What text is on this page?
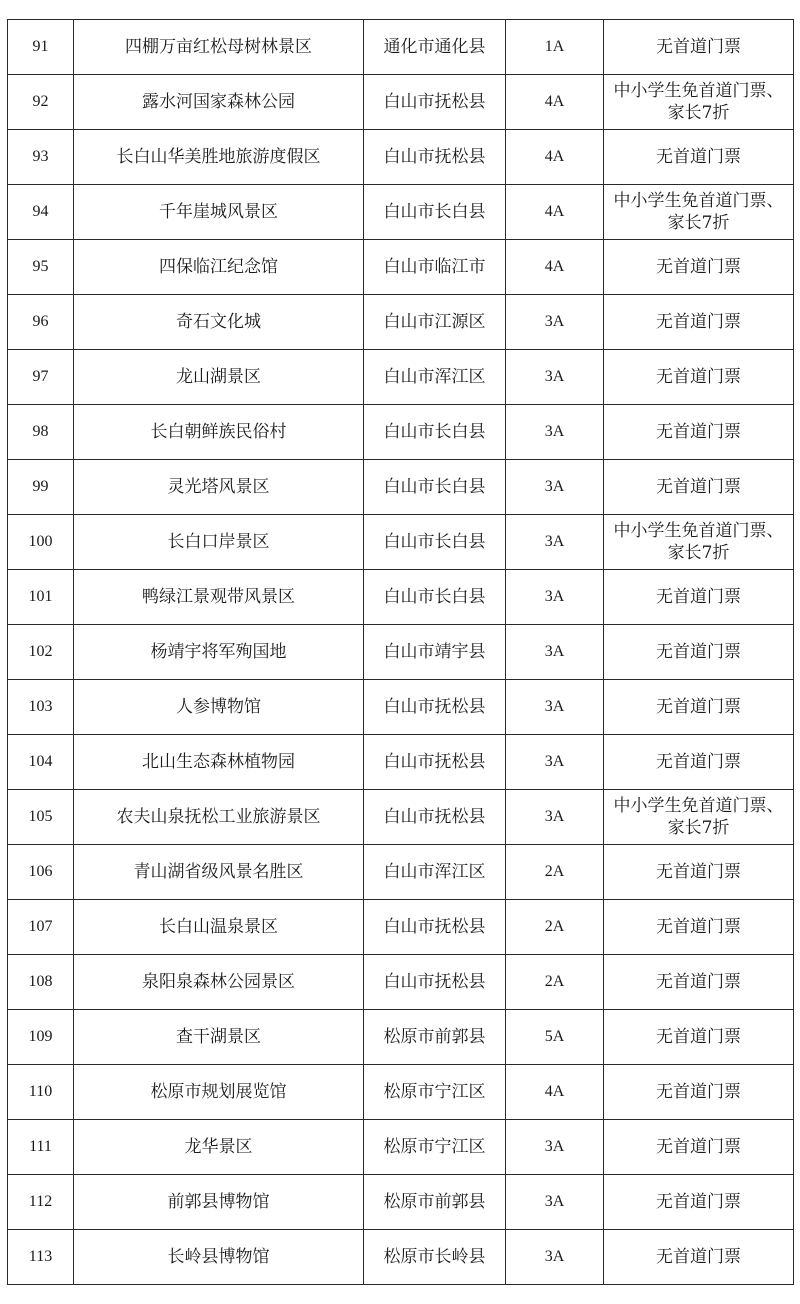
91	四棚万亩红松母树林景区	通化市通化县	1A	无首道门票
92	露水河国家森林公园	白山市抚松县	4A	中小学生免首道门票、
家长7折
93	长白山华美胜地旅游度假区	白山市抚松县	4A	无首道门票
94	千年崖城风景区	白山市长白县	4A	中小学生免首道门票、
家长7折
95	四保临江纪念馆	白山市临江市	4A	无首道门票
96	奇石文化城	白山市江源区	3A	无首道门票
97	龙山湖景区	白山市浑江区	3A	无首道门票
98	长白朝鲜族民俗村	白山市长白县	3A	无首道门票
99	灵光塔风景区	白山市长白县	3A	无首道门票
100	长白口岸景区	白山市长白县	3A	中小学生免首道门票、
家长7折
101	鸭绿江景观带风景区	白山市长白县	3A	无首道门票
102	杨靖宇将军殉国地	白山市靖宇县	3A	无首道门票
103	人参博物馆	白山市抚松县	3A	无首道门票
104	北山生态森林植物园	白山市抚松县	3A	无首道门票
105	农夫山泉抚松工业旅游景区	白山市抚松县	3A	中小学生免首道门票、
家长7折
106	青山湖省级风景名胜区	白山市浑江区	2A	无首道门票
107	长白山温泉景区	白山市抚松县	2A	无首道门票
108	泉阳泉森林公园景区	白山市抚松县	2A	无首道门票
109	查干湖景区	松原市前郭县	5A	无首道门票
110	松原市规划展览馆	松原市宁江区	4A	无首道门票
111	龙华景区	松原市宁江区	3A	无首道门票
112	前郭县博物馆	松原市前郭县	3A	无首道门票
113	长岭县博物馆	松原市长岭县	3A	无首道门票
